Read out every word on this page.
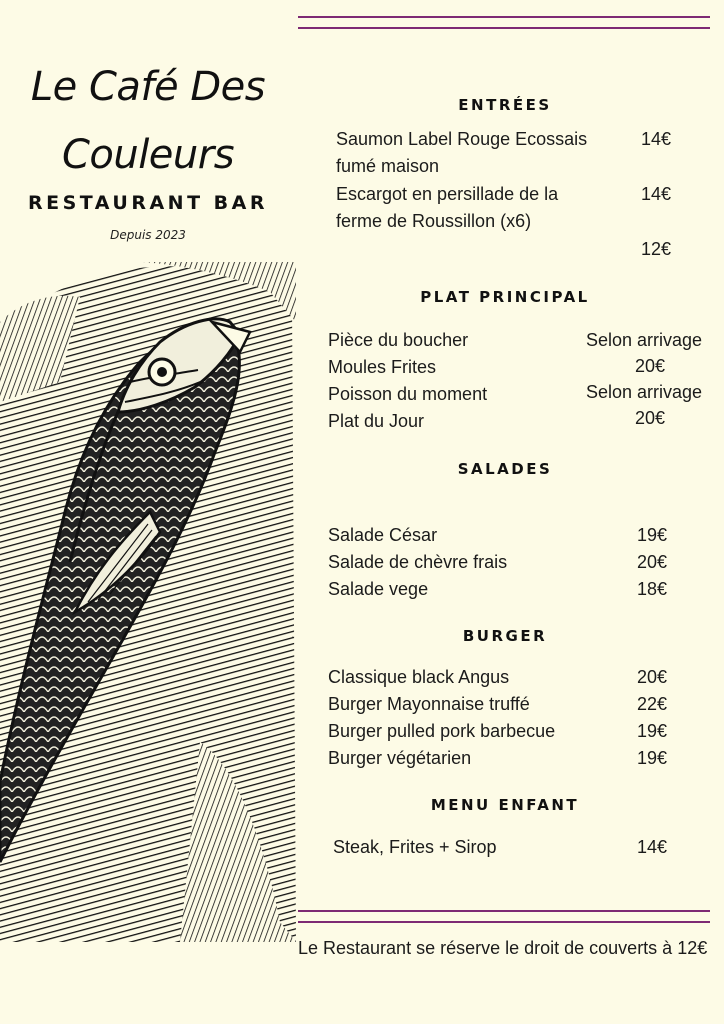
Le Café Des
Couleurs
RESTAURANT BAR
Depuis 2023
ENTRÉES
Saumon Label Rouge Ecossais
fumé maison
14€
Escargot en persillade de la
ferme de Roussillon (x6)
14€
12€
PLAT PRINCIPAL
Pièce du boucher	Selon arrivage
Moules Frites	20€
Poisson du moment	Selon arrivage
Plat du Jour	20€
SALADES
Salade César	19€
Salade de chèvre frais	20€
Salade vege	18€
BURGER
Classique black Angus	20€
Burger Mayonnaise truffé	22€
Burger pulled pork barbecue	19€
Burger végétarien	19€
MENU ENFANT
Steak, Frites + Sirop	14€
Le Restaurant se réserve le droit de couverts à 12€
